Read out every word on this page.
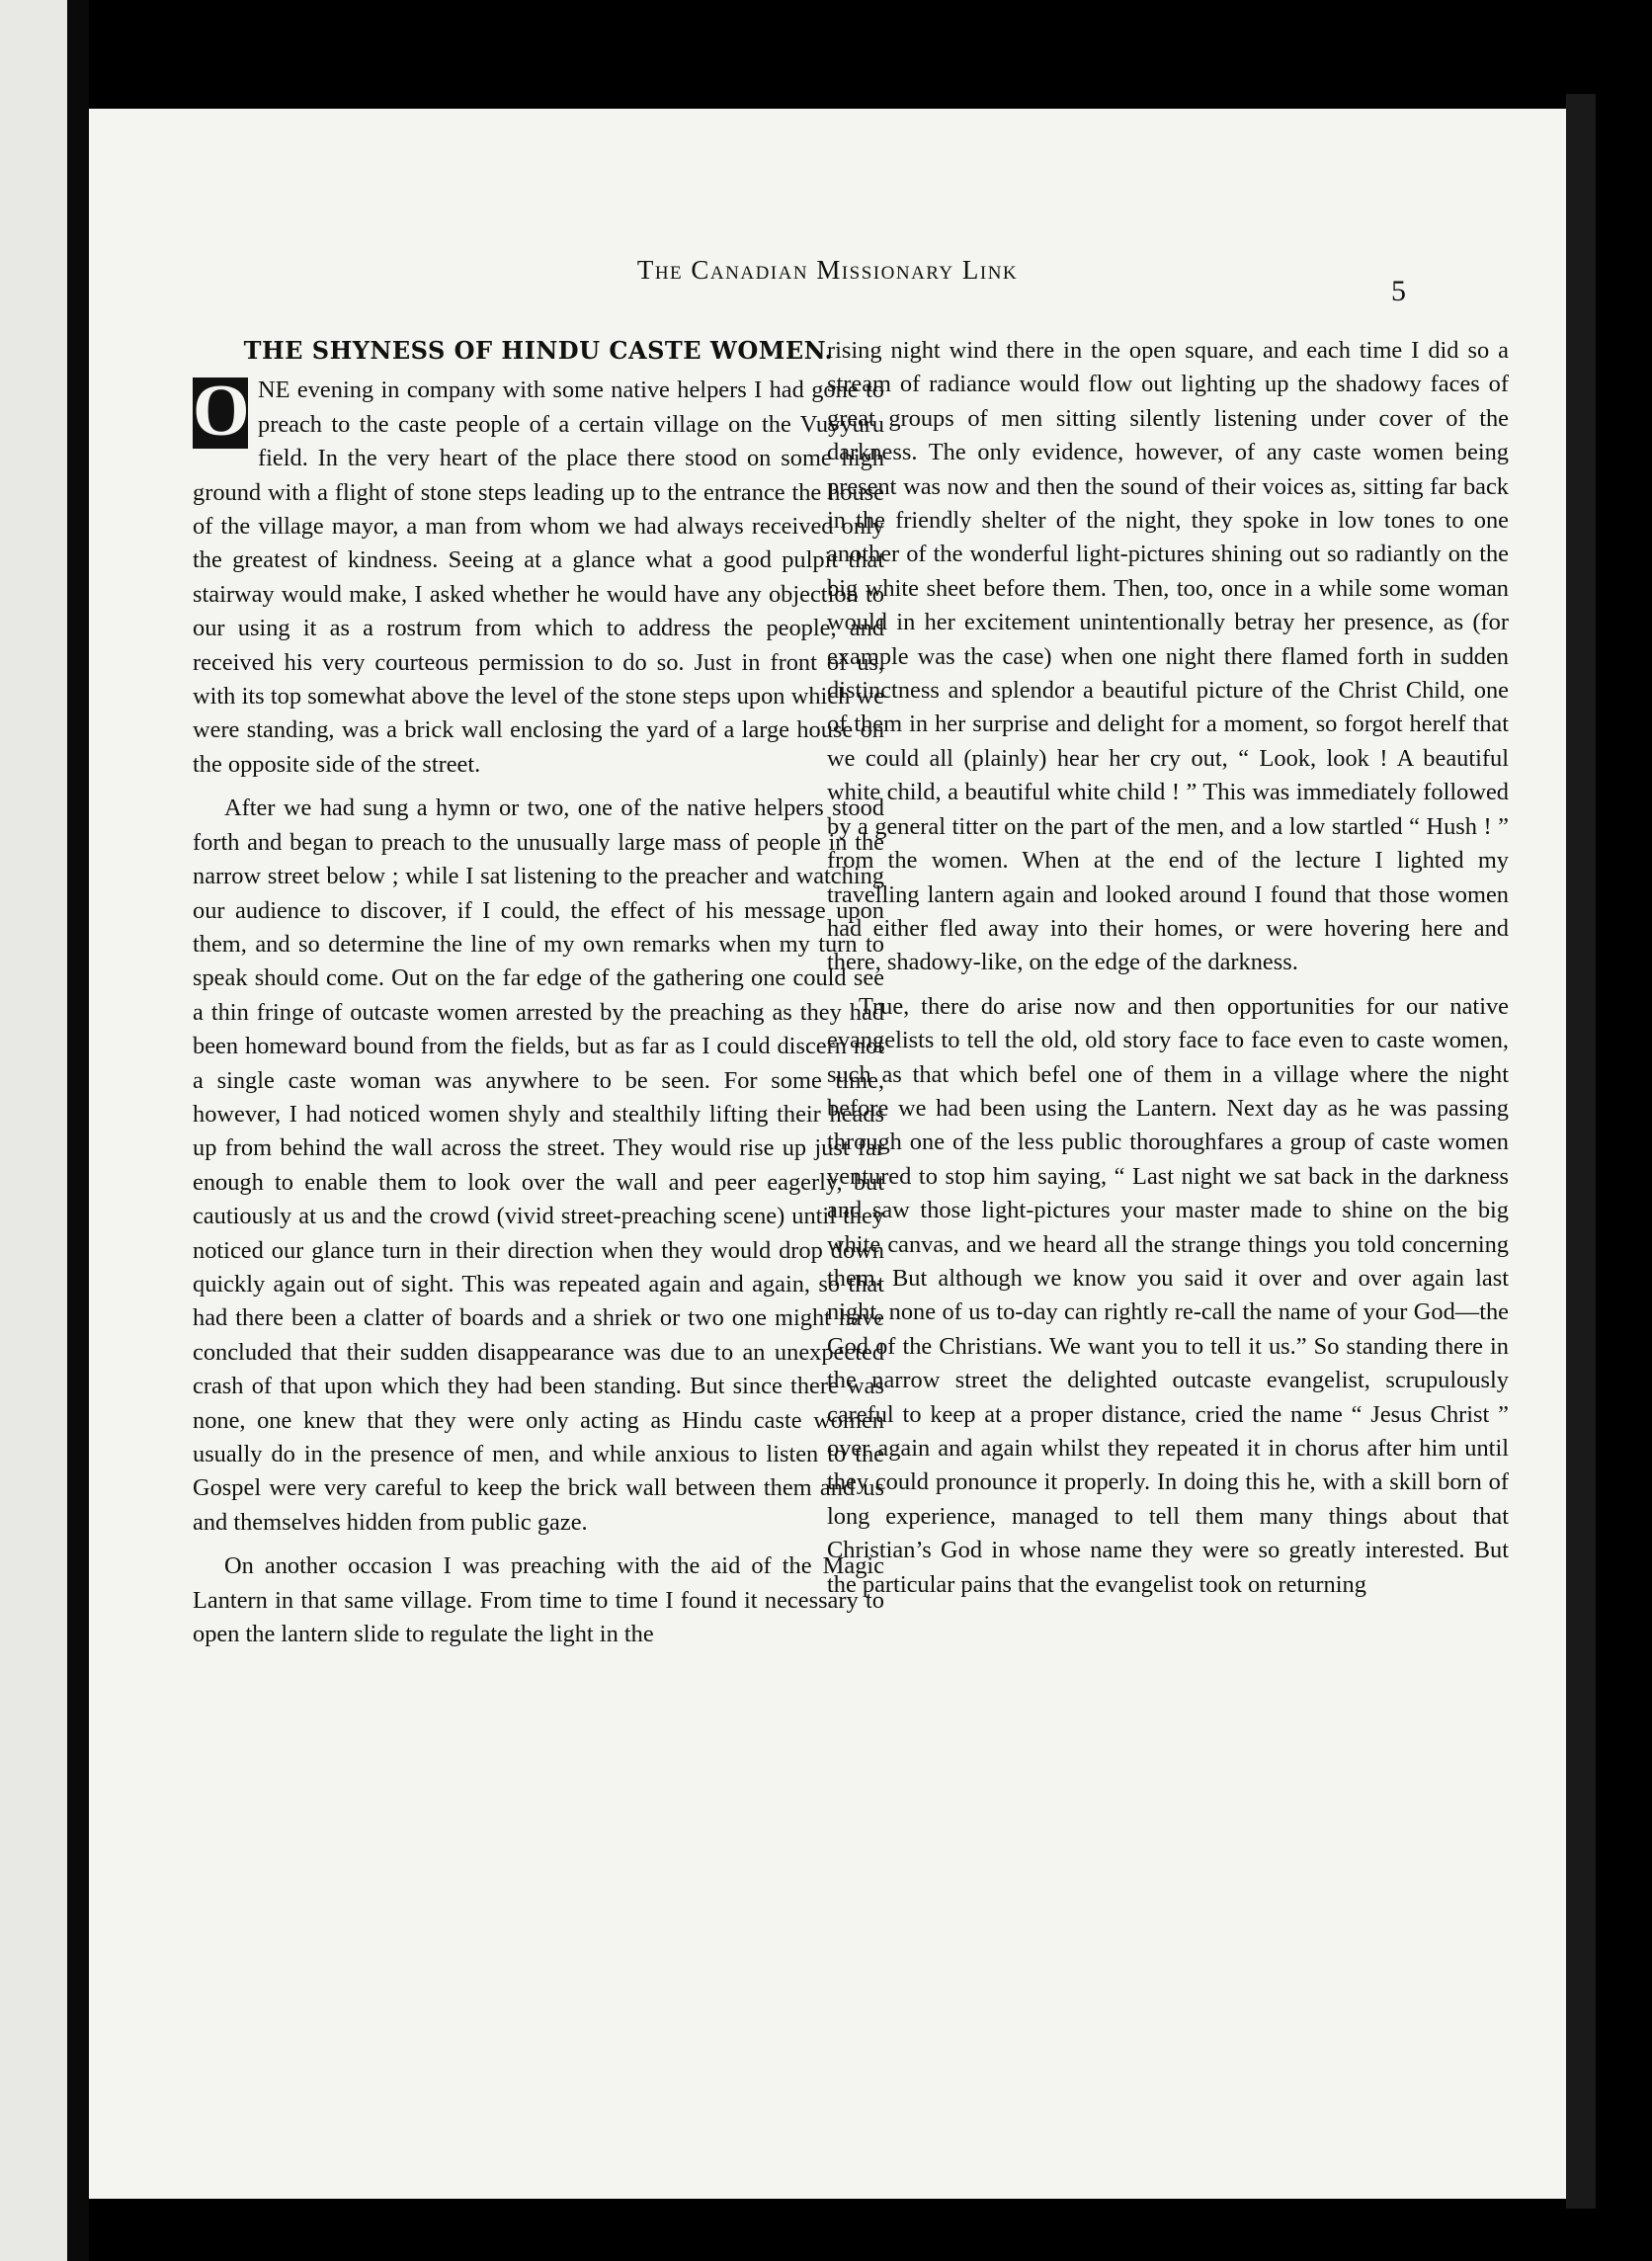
The Canadian Missionary Link
5
THE SHYNESS OF HINDU CASTE WOMEN.

O NE evening in company with some native helpers I had gone to preach to the caste people of a certain village on the Vuyyuru field. In the very heart of the place there stood on some high ground with a flight of stone steps leading up to the entrance the house of the village mayor, a man from whom we had always received only the greatest of kindness. Seeing at a glance what a good pulpit that stairway would make, I asked whether he would have any objection to our using it as a rostrum from which to address the people, and received his very courteous permission to do so. Just in front of us, with its top somewhat above the level of the stone steps upon which we were standing, was a brick wall enclosing the yard of a large house on the opposite side of the street.

After we had sung a hymn or two, one of the native helpers stood forth and began to preach to the unusually large mass of people in the narrow street below ; while I sat listening to the preacher and watching our audience to discover, if I could, the effect of his message upon them, and so determine the line of my own remarks when my turn to speak should come. Out on the far edge of the gathering one could see a thin fringe of outcaste women arrested by the preaching as they had been homeward bound from the fields, but as far as I could discern not a single caste woman was anywhere to be seen. For some time, however, I had noticed women shyly and stealthily lifting their heads up from behind the wall across the street. They would rise up just far enough to enable them to look over the wall and peer eagerly, but cautiously at us and the crowd (vivid street-preaching scene) until they noticed our glance turn in their direction when they would drop down quickly again out of sight. This was repeated again and again, so that had there been a clatter of boards and a shriek or two one might have concluded that their sudden disappearance was due to an unexpected crash of that upon which they had been standing. But since there was none, one knew that they were only acting as Hindu caste women usually do in the presence of men, and while anxious to listen to the Gospel were very careful to keep the brick wall between them and us and themselves hidden from public gaze.

On another occasion I was preaching with the aid of the Magic Lantern in that same village. From time to time I found it necessary to open the lantern slide to regulate the light in the

rising night wind there in the open square, and each time I did so a stream of radiance would flow out lighting up the shadowy faces of great groups of men sitting silently listening under cover of the darkness. The only evidence, however, of any caste women being present was now and then the sound of their voices as, sitting far back in the friendly shelter of the night, they spoke in low tones to one another of the wonderful light-pictures shining out so radiantly on the big white sheet before them. Then, too, once in a while some woman would in her excitement unintentionally betray her presence, as (for example was the case) when one night there flamed forth in sudden distinctness and splendor a beautiful picture of the Christ Child, one of them in her surprise and delight for a moment, so forgot herelf that we could all (plainly) hear her cry out, “ Look, look ! A beautiful white child, a beautiful white child ! ” This was immediately followed by a general titter on the part of the men, and a low startled “ Hush ! ” from the women. When at the end of the lecture I lighted my travelling lantern again and looked around I found that those women had either fled away into their homes, or were hovering here and there, shadowy-like, on the edge of the darkness.

True, there do arise now and then opportunities for our native evangelists to tell the old, old story face to face even to caste women, such as that which befel one of them in a village where the night before we had been using the Lantern. Next day as he was passing through one of the less public thoroughfares a group of caste women ventured to stop him saying, “ Last night we sat back in the darkness and saw those light-pictures your master made to shine on the big white canvas, and we heard all the strange things you told concerning them. But although we know you said it over and over again last night, none of us to-day can rightly re-call the name of your God—the God of the Christians. We want you to tell it us.” So standing there in the narrow street the delighted outcaste evangelist, scrupulously careful to keep at a proper distance, cried the name “ Jesus Christ ” over again and again whilst they repeated it in chorus after him until they could pronounce it properly. In doing this he, with a skill born of long experience, managed to tell them many things about that Christian’s God in whose name they were so greatly interested. But the particular pains that the evangelist took on returning
